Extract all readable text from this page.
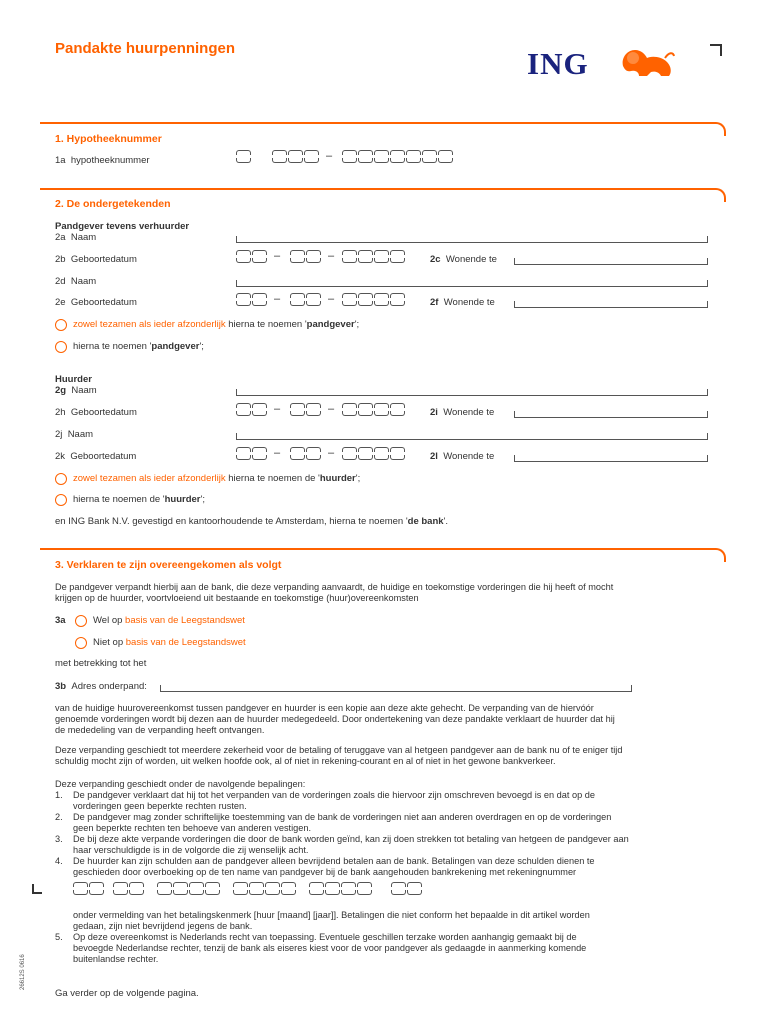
Pandakte huurpenningen	ING
1. Hypotheeknummer
1a hypotheeknummer	–
2. De ondergetekenden
Pandgever tevens verhuurder
2a Naam
2b Geboortedatum	–	–	2c Wonende te
2d Naam
2e Geboortedatum	–	–	2f Wonende te
zowel tezamen als ieder afzonderlijk hierna te noemen 'pandgever';
hierna te noemen 'pandgever';
Huurder
2g Naam
2h Geboortedatum	–	–	2i Wonende te
2j Naam
2k Geboortedatum	–	–	2l Wonende te
zowel tezamen als ieder afzonderlijk hierna te noemen de 'huurder';
hierna te noemen de 'huurder';
en ING Bank N.V. gevestigd en kantoorhoudende te Amsterdam, hierna te noemen 'de bank'.
3. Verklaren te zijn overeengekomen als volgt
De pandgever verpandt hierbij aan de bank, die deze verpanding aanvaardt, de huidige en toekomstige vorderingen die hij heeft of mocht
krijgen op de huurder, voortvloeiend uit bestaande en toekomstige (huur)overeenkomsten
3a	Wel op basis van de Leegstandswet
Niet op basis van de Leegstandswet
met betrekking tot het
3b Adres onderpand:
van de huidige huurovereenkomst tussen pandgever en huurder is een kopie aan deze akte gehecht. De verpanding van de hiervóór
genoemde vorderingen wordt bij dezen aan de huurder medegedeeld. Door ondertekening van deze pandakte verklaart de huurder dat hij
de mededeling van de verpanding heeft ontvangen.
Deze verpanding geschiedt tot meerdere zekerheid voor de betaling of teruggave van al hetgeen pandgever aan de bank nu of te eniger tijd
schuldig mocht zijn of worden, uit welken hoofde ook, al of niet in rekening-courant en al of niet in het gewone bankverkeer.
Deze verpanding geschiedt onder de navolgende bepalingen:
1. De pandgever verklaart dat hij tot het verpanden van de vorderingen zoals die hiervoor zijn omschreven bevoegd is en dat op de
vorderingen geen beperkte rechten rusten.
2. De pandgever mag zonder schriftelijke toestemming van de bank de vorderingen niet aan anderen overdragen en op de vorderingen
geen beperkte rechten ten behoeve van anderen vestigen.
3. De bij deze akte verpande vorderingen die door de bank worden geïnd, kan zij doen strekken tot betaling van hetgeen de pandgever aan
haar verschuldigde is in de volgorde die zij wenselijk acht.
4. De huurder kan zijn schulden aan de pandgever alleen bevrijdend betalen aan de bank. Betalingen van deze schulden dienen te
geschieden door overboeking op de ten name van pandgever bij de bank aangehouden bankrekening met rekeningnummer
onder vermelding van het betalingskenmerk [huur [maand] [jaar]]. Betalingen die niet conform het bepaalde in dit artikel worden
gedaan, zijn niet bevrijdend jegens de bank.
5. Op deze overeenkomst is Nederlands recht van toepassing. Eventuele geschillen terzake worden aanhangig gemaakt bij de
bevoegde Nederlandse rechter, tenzij de bank als eiseres kiest voor de voor pandgever als gedaagde in aanmerking komende
buitenlandse rechter.
Ga verder op de volgende pagina.
26612S 0616
